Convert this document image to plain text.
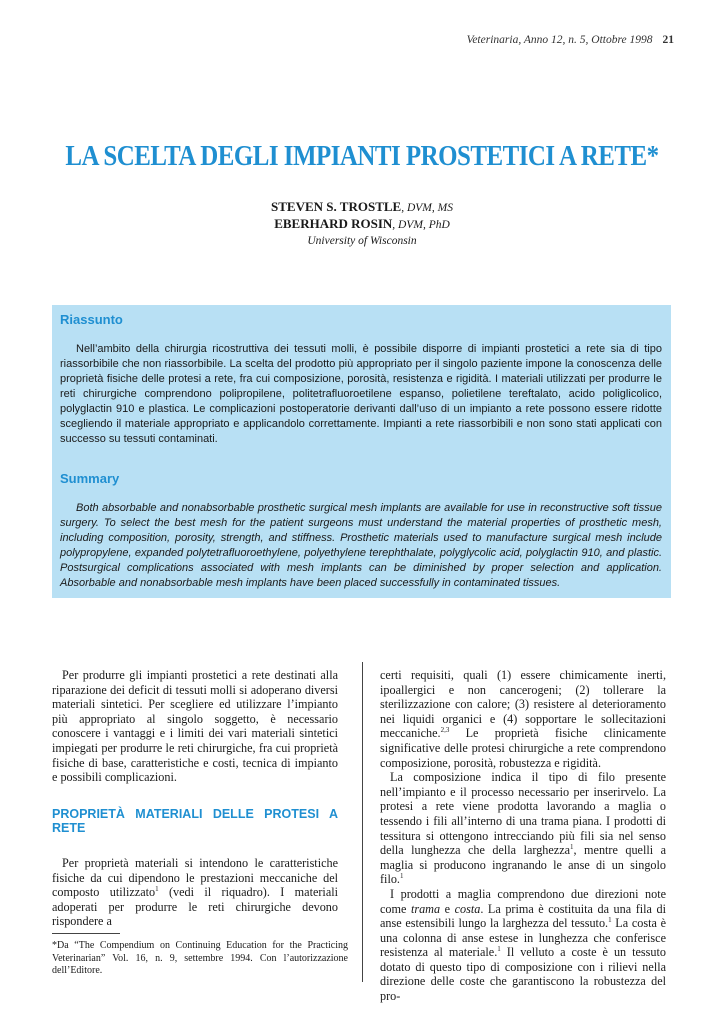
Veterinaria, Anno 12, n. 5, Ottobre 1998 21
LA SCELTA DEGLI IMPIANTI PROSTETICI A RETE*
STEVEN S. TROSTLE, DVM, MS
EBERHARD ROSIN, DVM, PhD
University of Wisconsin
Riassunto

Nell’ambito della chirurgia ricostruttiva dei tessuti molli, è possibile disporre di impianti prostetici a rete sia di tipo riassorbibile che non riassorbibile. La scelta del prodotto più appropriato per il singolo paziente impone la conoscenza delle proprietà fisiche delle protesi a rete, fra cui composizione, porosità, resistenza e rigidità. I materiali utilizzati per produrre le reti chirurgiche comprendono polipropilene, politetrafluoroetilene espanso, polietilene tereftalato, acido poliglicolico, polyglactin 910 e plastica. Le complicazioni postoperatorie derivanti dall’uso di un impianto a rete possono essere ridotte scegliendo il materiale appropriato e applicandolo correttamente. Impianti a rete riassorbibili e non sono stati applicati con successo su tessuti contaminati.

Summary

Both absorbable and nonabsorbable prosthetic surgical mesh implants are available for use in reconstructive soft tissue surgery. To select the best mesh for the patient surgeons must understand the material properties of prosthetic mesh, including composition, porosity, strength, and stiffness. Prosthetic materials used to manufacture surgical mesh include polypropylene, expanded polytetrafluoroethylene, polyethylene terephthalate, polyglycolic acid, polyglactin 910, and plastic. Postsurgical complications associated with mesh implants can be diminished by proper selection and application. Absorbable and nonabsorbable mesh implants have been placed successfully in contaminated tissues.

Per produrre gli impianti prostetici a rete destinati alla riparazione dei deficit di tessuti molli si adoperano diversi materiali sintetici. Per scegliere ed utilizzare l’impianto più appropriato al singolo soggetto, è necessario conoscere i vantaggi e i limiti dei vari materiali sintetici impiegati per produrre le reti chirurgiche, fra cui proprietà fisiche di base, caratteristiche e costi, tecnica di impianto e possibili complicazioni.

PROPRIETÀ MATERIALI DELLE PROTESI A RETE

Per proprietà materiali si intendono le caratteristiche fisiche da cui dipendono le prestazioni meccaniche del composto utilizzato$^1$ (vedi il riquadro). I materiali adoperati per produrre le reti chirurgiche devono rispondere a

certi requisiti, quali (1) essere chimicamente inerti, ipoallergici e non cancerogeni; (2) tollerare la sterilizzazione con calore; (3) resistere al deterioramento nei liquidi organici e (4) sopportare le sollecitazioni meccaniche.$^{2,3}$ Le proprietà fisiche clinicamente significative delle protesi chirurgiche a rete comprendono composizione, porosità, robustezza e rigidità.

La composizione indica il tipo di filo presente nell’impianto e il processo necessario per inserirvelo. La protesi a rete viene prodotta lavorando a maglia o tessendo i fili all’interno di una trama piana. I prodotti di tessitura si ottengono intrecciando più fili sia nel senso della lunghezza che della larghezza$^1$, mentre quelli a maglia si producono ingranando le anse di un singolo filo.$^1$

I prodotti a maglia comprendono due direzioni note come trama e costa. La prima è costituita da una fila di anse estensibili lungo la larghezza del tessuto.$^1$ La costa è una colonna di anse estese in lunghezza che conferisce resistenza al materiale.$^1$ Il velluto a coste è un tessuto dotato di questo tipo di composizione con i rilievi nella direzione delle coste che garantiscono la robustezza del pro-

*Da “The Compendium on Continuing Education for the Practicing Veterinarian” Vol. 16, n. 9, settembre 1994. Con l’autorizzazione dell’Editore.
